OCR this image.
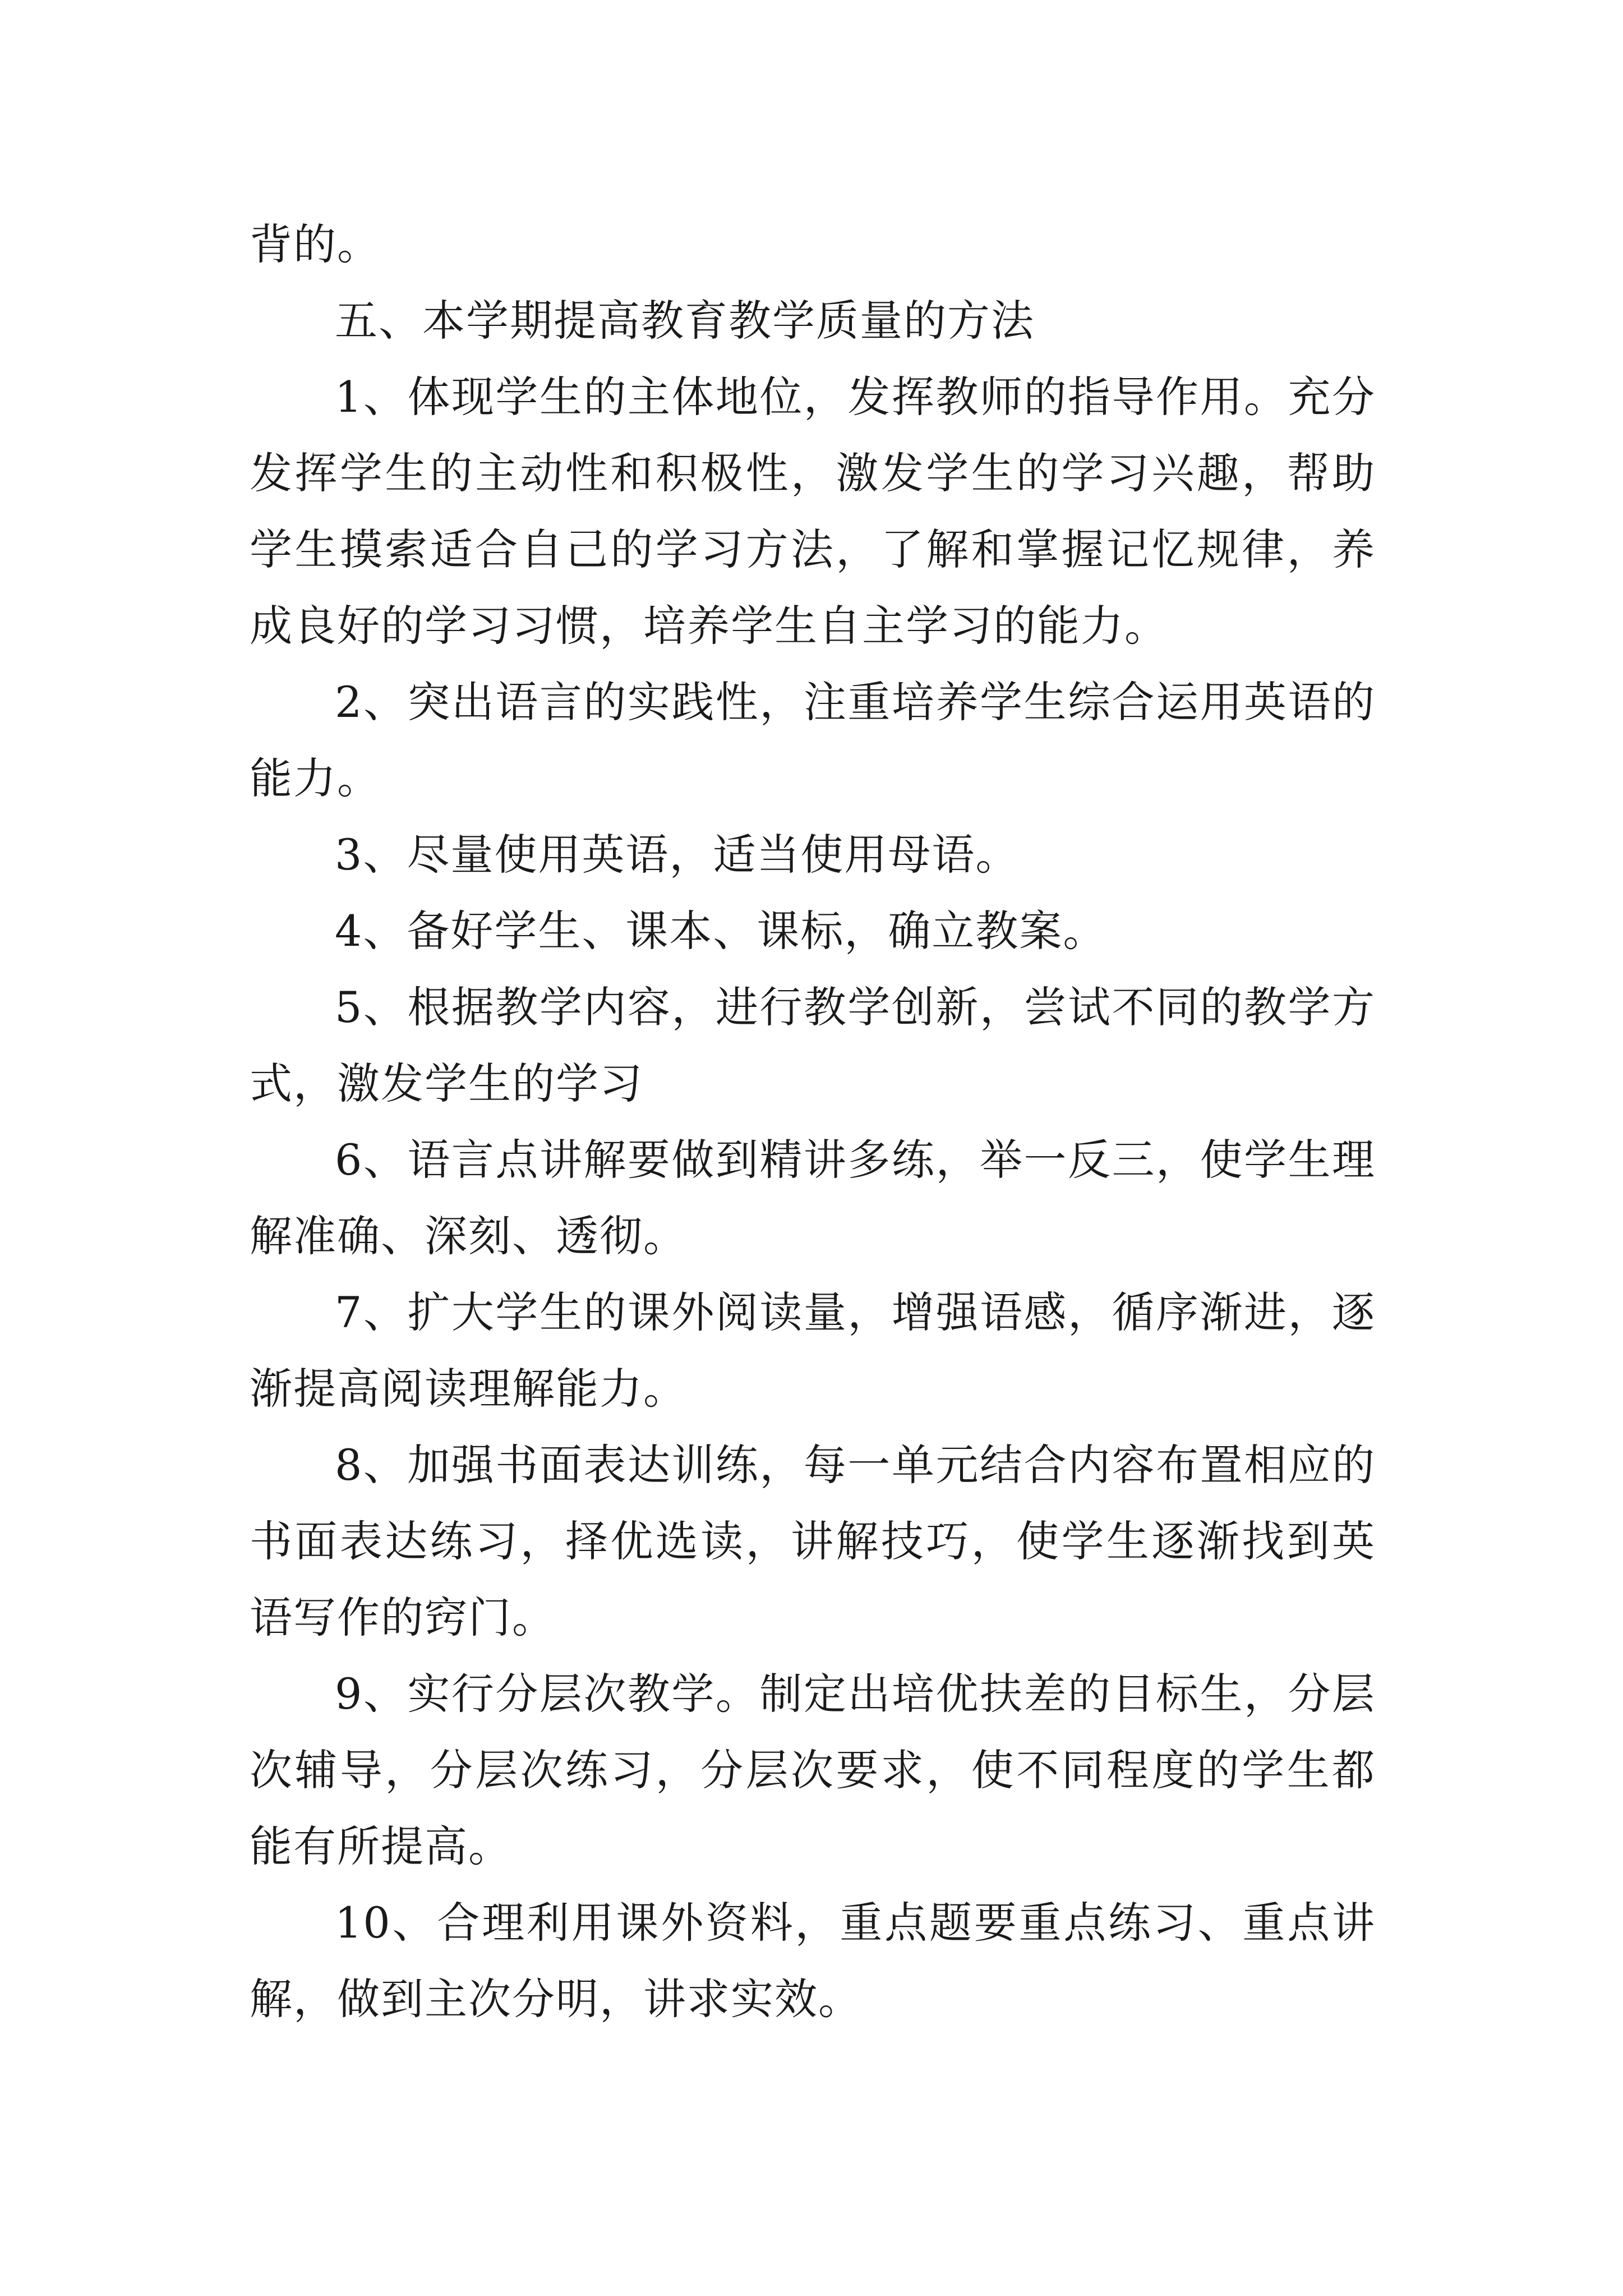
背的。

五、本学期提高教育教学质量的方法

1、体现学生的主体地位，发挥教师的指导作用。充分发挥学生的主动性和积极性，激发学生的学习兴趣，帮助学生摸索适合自己的学习方法，了解和掌握记忆规律，养成良好的学习习惯，培养学生自主学习的能力。

2、突出语言的实践性，注重培养学生综合运用英语的能力。

3、尽量使用英语，适当使用母语。

4、备好学生、课本、课标，确立教案。

5、根据教学内容，进行教学创新，尝试不同的教学方式，激发学生的学习

6、语言点讲解要做到精讲多练，举一反三，使学生理解准确、深刻、透彻。

7、扩大学生的课外阅读量，增强语感，循序渐进，逐渐提高阅读理解能力。

8、加强书面表达训练，每一单元结合内容布置相应的书面表达练习，择优选读，讲解技巧，使学生逐渐找到英语写作的窍门。

9、实行分层次教学。制定出培优扶差的目标生，分层次辅导，分层次练习，分层次要求，使不同程度的学生都能有所提高。

10、合理利用课外资料，重点题要重点练习、重点讲解，做到主次分明，讲求实效。
